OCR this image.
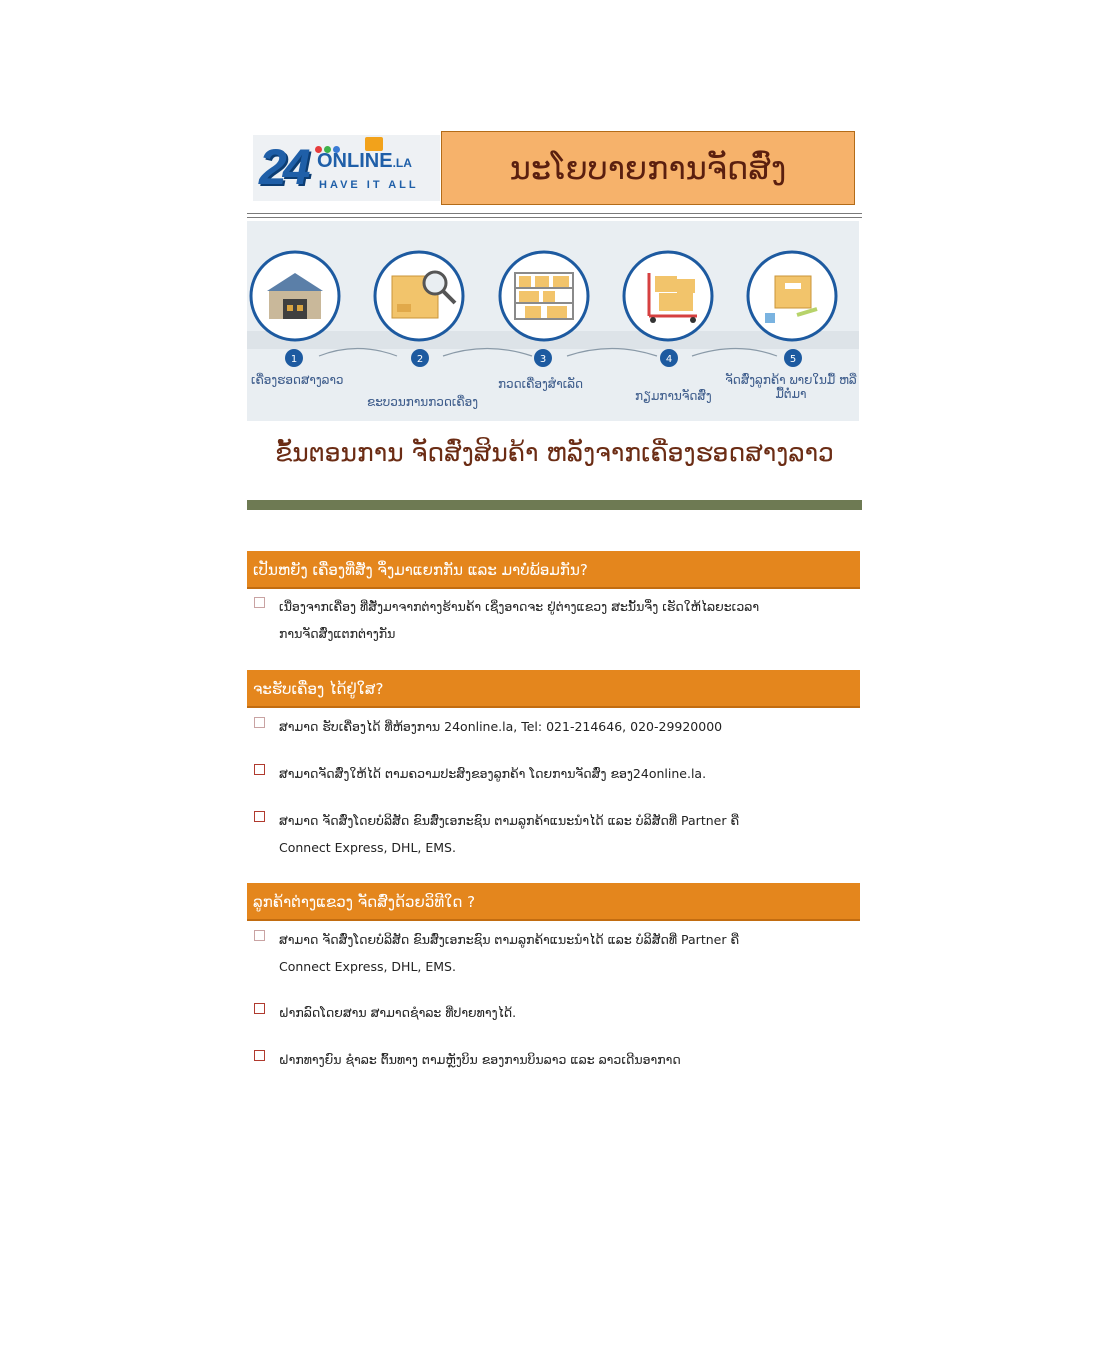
24 ONLINE.LA
HAVE IT ALL	ນະໂຍບາຍການຈັດສົ່ງ
1	2	3	4	5
ເຄື່ອງຮອດສາງລາວ
ຂະບວນການກວດເຄື່ອງ
ກວດເຄື່ອງສຳເລັດ
ກຽມການຈັດສົ່ງ
ຈັດສົ່ງລູກຄ້າ ພາຍໃນມື້ ຫລື ມື້ຕໍ່ມາ
ຂັ້ນຕອນການ ຈັດສົ່ງສິນຄ້າ ຫລັງຈາກເຄື່ອງຮອດສາງລາວ
ເປັນຫຍັງ ເຄື່ອງທີ່ສັ່ງ ຈຶ່ງມາແຍກກັນ ແລະ ມາບໍ່ພ້ອມກັນ?
ເນື່ອງຈາກເຄື່ອງ ທີ່ສັ່ງມາຈາກຕ່າງຮ້ານຄ້າ ເຊິ່ງອາດຈະ ຢູ່ຕ່າງແຂວງ ສະນັ້ນຈຶ່ງ ເຮັດໃຫ້ໄລຍະເວລາ
ການຈັດສົ່ງແຕກຕ່າງກັນ
ຈະຮັບເຄື່ອງ ໄດ້ຢູ່ໃສ?
ສາມາດ ຮັບເຄື່ອງໄດ້ ທີ່ຫ້ອງການ 24online.la, Tel: 021-214646, 020-29920000
ສາມາດຈັດສົ່ງໃຫ້ໄດ້ ຕາມຄວາມປະສົງຂອງລູກຄ້າ ໂດຍການຈັດສົ່ງ ຂອງ24online.la.
ສາມາດ ຈັດສົ່ງໂດຍບໍລິສັດ ຂົນສົ່ງເອກະຊົນ ຕາມລູກຄ້າແນະນຳໄດ້ ແລະ ບໍລິສັດທີ່ Partner ຄື
Connect Express, DHL, EMS.
ລູກຄ້າຕ່າງແຂວງ ຈັດສົ່ງດ້ວຍວິທີໃດ ?
ສາມາດ ຈັດສົ່ງໂດຍບໍລິສັດ ຂົນສົ່ງເອກະຊົນ ຕາມລູກຄ້າແນະນຳໄດ້ ແລະ ບໍລິສັດທີ່ Partner ຄື
Connect Express, DHL, EMS.
ຝາກລົດໂດຍສານ ສາມາດຊຳລະ ທີ່ປາຍທາງໄດ້.
ຝາກທາງຍົນ ຊຳລະ ຕົ້ນທາງ ຕາມຫຼັງບິນ ຂອງການບິນລາວ ແລະ ລາວເດີນອາກາດ
